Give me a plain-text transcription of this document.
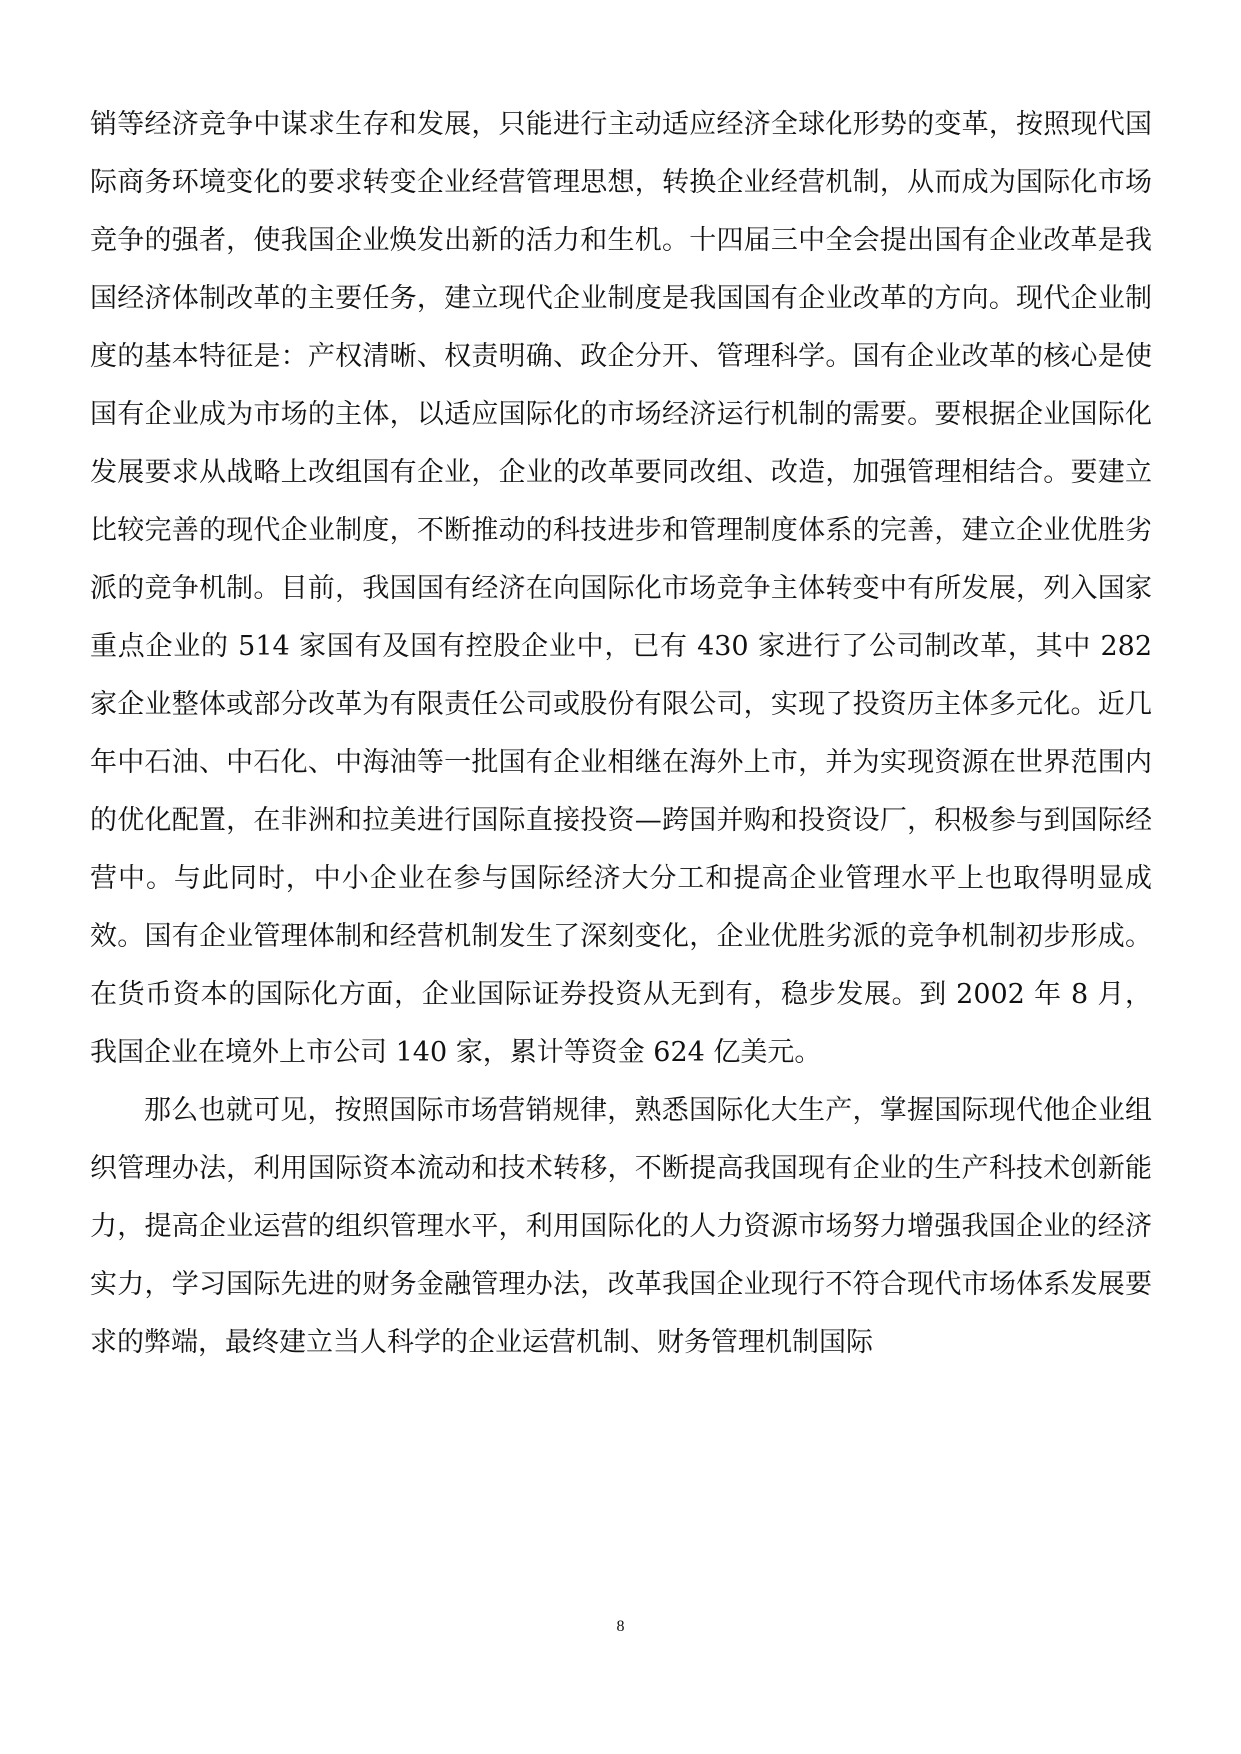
销等经济竞争中谋求生存和发展，只能进行主动适应经济全球化形势的变革，按照现代国际商务环境变化的要求转变企业经营管理思想，转换企业经营机制，从而成为国际化市场竞争的强者，使我国企业焕发出新的活力和生机。十四届三中全会提出国有企业改革是我国经济体制改革的主要任务，建立现代企业制度是我国国有企业改革的方向。现代企业制度的基本特征是：产权清晰、权责明确、政企分开、管理科学。国有企业改革的核心是使国有企业成为市场的主体，以适应国际化的市场经济运行机制的需要。要根据企业国际化发展要求从战略上改组国有企业，企业的改革要同改组、改造，加强管理相结合。要建立比较完善的现代企业制度，不断推动的科技进步和管理制度体系的完善，建立企业优胜劣派的竞争机制。目前，我国国有经济在向国际化市场竞争主体转变中有所发展，列入国家重点企业的 514 家国有及国有控股企业中，已有 430 家进行了公司制改革，其中 282 家企业整体或部分改革为有限责任公司或股份有限公司，实现了投资历主体多元化。近几年中石油、中石化、中海油等一批国有企业相继在海外上市，并为实现资源在世界范围内的优化配置，在非洲和拉美进行国际直接投资—跨国并购和投资设厂，积极参与到国际经营中。与此同时，中小企业在参与国际经济大分工和提高企业管理水平上也取得明显成效。国有企业管理体制和经营机制发生了深刻变化，企业优胜劣派的竞争机制初步形成。在货币资本的国际化方面，企业国际证券投资从无到有，稳步发展。到 2002 年 8 月，我国企业在境外上市公司 140 家，累计等资金 624 亿美元。

那么也就可见，按照国际市场营销规律，熟悉国际化大生产，掌握国际现代他企业组织管理办法，利用国际资本流动和技术转移，不断提高我国现有企业的生产科技术创新能力，提高企业运营的组织管理水平，利用国际化的人力资源市场努力增强我国企业的经济实力，学习国际先进的财务金融管理办法，改革我国企业现行不符合现代市场体系发展要求的弊端，最终建立当人科学的企业运营机制、财务管理机制国际

8
